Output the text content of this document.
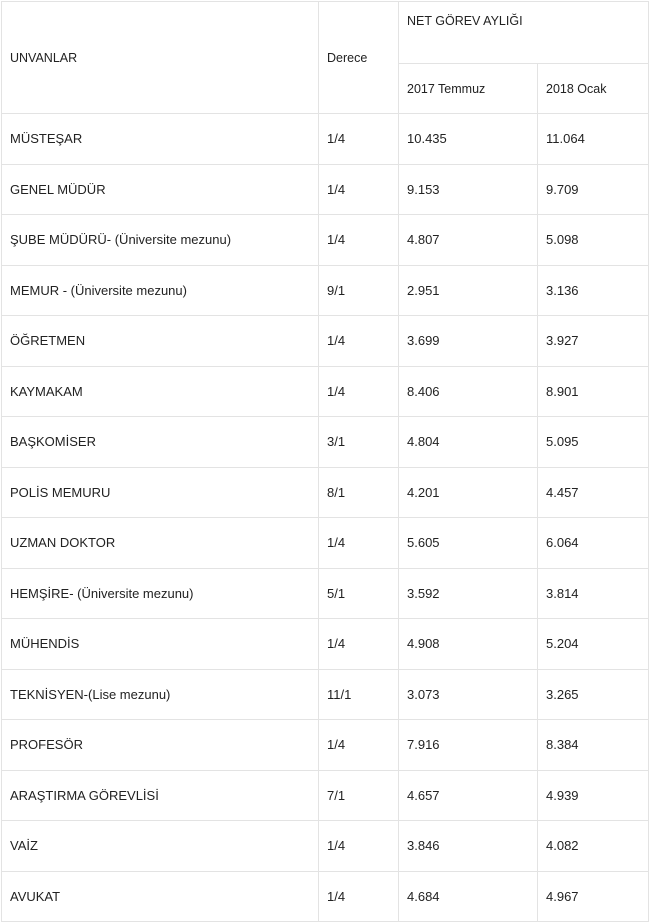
UNVANLAR	Derece	NET GÖREV AYLIĞI	
		2017 Temmuz	2018 Ocak
MÜSTEŞAR	1/4	10.435	11.064
GENEL MÜDÜR	1/4	9.153	9.709
ŞUBE MÜDÜRÜ- (Üniversite mezunu)	1/4	4.807	5.098
MEMUR - (Üniversite mezunu)	9/1	2.951	3.136
ÖĞRETMEN	1/4	3.699	3.927
KAYMAKAM	1/4	8.406	8.901
BAŞKOMİSER	3/1	4.804	5.095
POLİS MEMURU	8/1	4.201	4.457
UZMAN DOKTOR	1/4	5.605	6.064
HEMŞİRE- (Üniversite mezunu)	5/1	3.592	3.814
MÜHENDİS	1/4	4.908	5.204
TEKNİSYEN-(Lise mezunu)	11/1	3.073	3.265
PROFESÖR	1/4	7.916	8.384
ARAŞTIRMA GÖREVLİSİ	7/1	4.657	4.939
VAİZ	1/4	3.846	4.082
AVUKAT	1/4	4.684	4.967
